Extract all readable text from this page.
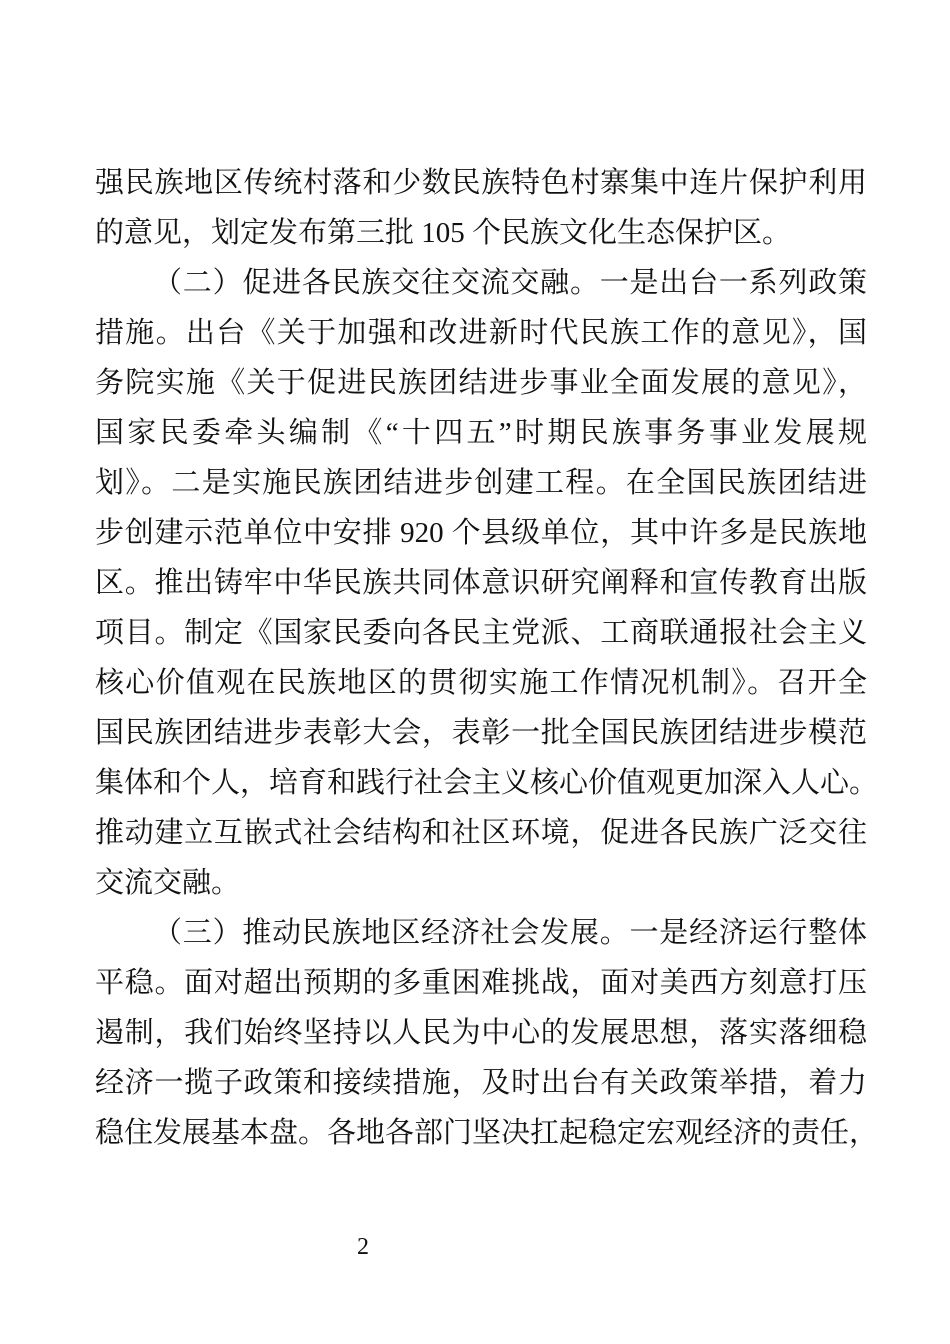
强民族地区传统村落和少数民族特色村寨集中连片保护利用
的意见，划定发布第三批 105 个民族文化生态保护区。
（二）促进各民族交往交流交融。一是出台一系列政策
措施。出台《关于加强和改进新时代民族工作的意见》，国
务院实施《关于促进民族团结进步事业全面发展的意见》，
国家民委牵头编制《“十四五”时期民族事务事业发展规
划》。二是实施民族团结进步创建工程。在全国民族团结进
步创建示范单位中安排 920 个县级单位，其中许多是民族地
区。推出铸牢中华民族共同体意识研究阐释和宣传教育出版
项目。制定《国家民委向各民主党派、工商联通报社会主义
核心价值观在民族地区的贯彻实施工作情况机制》。召开全
国民族团结进步表彰大会，表彰一批全国民族团结进步模范
集体和个人，培育和践行社会主义核心价值观更加深入人心。
推动建立互嵌式社会结构和社区环境，促进各民族广泛交往
交流交融。
（三）推动民族地区经济社会发展。一是经济运行整体
平稳。面对超出预期的多重困难挑战，面对美西方刻意打压
遏制，我们始终坚持以人民为中心的发展思想，落实落细稳
经济一揽子政策和接续措施，及时出台有关政策举措，着力
稳住发展基本盘。各地各部门坚决扛起稳定宏观经济的责任，
2
